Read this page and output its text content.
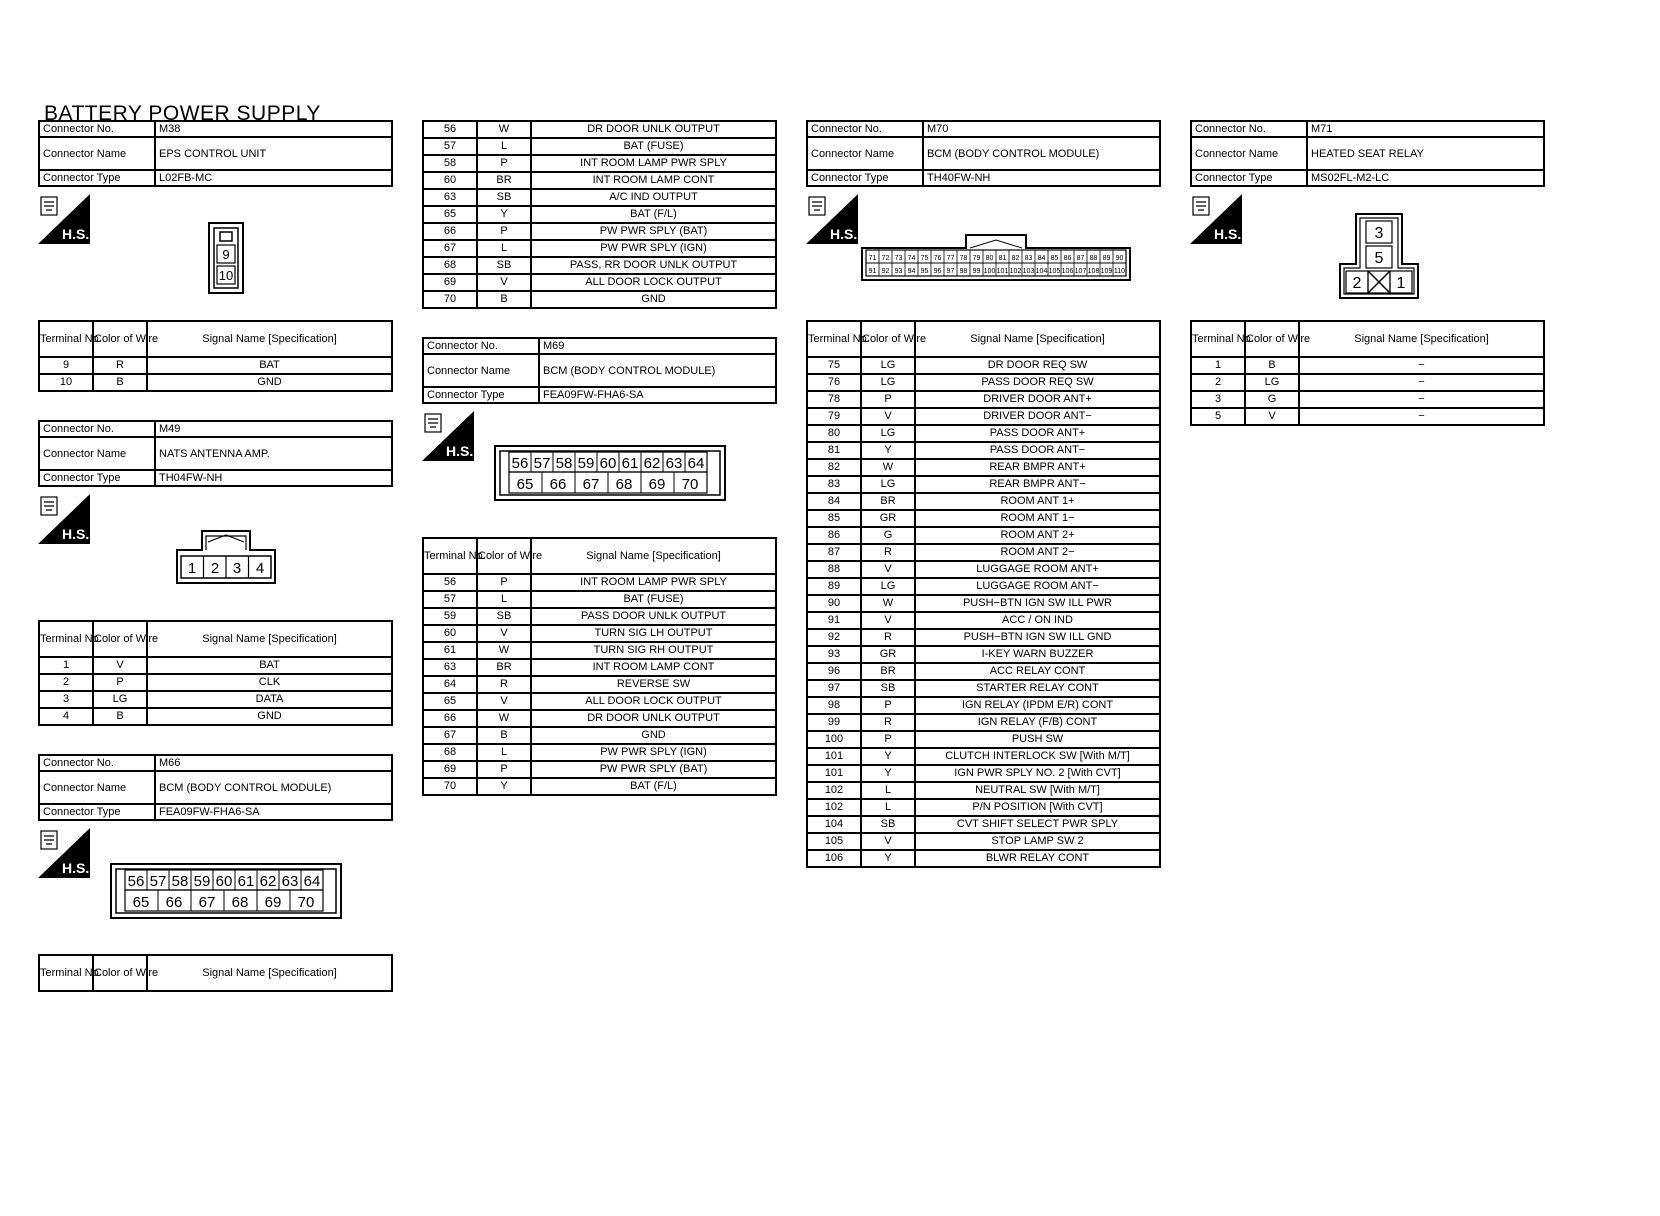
BATTERY POWER SUPPLY
Connector No.	M38
Connector Name	EPS CONTROL UNIT
Connector Type	L02FB-MC
H.S.
9
10
Terminal No.	Color of Wire	Signal Name [Specification]
9	R	BAT
10	B	GND
Connector No.	M49
Connector Name	NATS ANTENNA AMP.
Connector Type	TH04FW-NH
H.S.
1 2 3 4
Terminal No.	Color of Wire	Signal Name [Specification]
1	V	BAT
2	P	CLK
3	LG	DATA
4	B	GND
Connector No.	M66
Connector Name	BCM (BODY CONTROL MODULE)
Connector Type	FEA09FW-FHA6-SA
H.S.
56 57 58 59 60 61 62 63 64
65 66 67 68 69 70
Terminal No.	Color of Wire	Signal Name [Specification]
56	W	DR DOOR UNLK OUTPUT
57	L	BAT (FUSE)
58	P	INT ROOM LAMP PWR SPLY
60	BR	INT ROOM LAMP CONT
63	SB	A/C IND OUTPUT
65	Y	BAT (F/L)
66	P	PW PWR SPLY (BAT)
67	L	PW PWR SPLY (IGN)
68	SB	PASS, RR DOOR UNLK OUTPUT
69	V	ALL DOOR LOCK OUTPUT
70	B	GND
Connector No.	M69
Connector Name	BCM (BODY CONTROL MODULE)
Connector Type	FEA09FW-FHA6-SA
H.S.
56 57 58 59 60 61 62 63 64
65 66 67 68 69 70
Terminal No.	Color of Wire	Signal Name [Specification]
56	P	INT ROOM LAMP PWR SPLY
57	L	BAT (FUSE)
59	SB	PASS DOOR UNLK OUTPUT
60	V	TURN SIG LH OUTPUT
61	W	TURN SIG RH OUTPUT
63	BR	INT ROOM LAMP CONT
64	R	REVERSE SW
65	V	ALL DOOR LOCK OUTPUT
66	W	DR DOOR UNLK OUTPUT
67	B	GND
68	L	PW PWR SPLY (IGN)
69	P	PW PWR SPLY (BAT)
70	Y	BAT (F/L)
Connector No.	M70
Connector Name	BCM (BODY CONTROL MODULE)
Connector Type	TH40FW-NH
H.S.
71
91
72
92
73
93
74
94
75
95
76
96
77
97
78
98
79
99
80
100
81
101
82
102
83
103
84
104
85
105
86
106
87
107
88
108
89
109
90
110
Terminal No.	Color of Wire	Signal Name [Specification]
75	LG	DR DOOR REQ SW
76	LG	PASS DOOR REQ SW
78	P	DRIVER DOOR ANT+
79	V	DRIVER DOOR ANT−
80	LG	PASS DOOR ANT+
81	Y	PASS DOOR ANT−
82	W	REAR BMPR ANT+
83	LG	REAR BMPR ANT−
84	BR	ROOM ANT 1+
85	GR	ROOM ANT 1−
86	G	ROOM ANT 2+
87	R	ROOM ANT 2−
88	V	LUGGAGE ROOM ANT+
89	LG	LUGGAGE ROOM ANT−
90	W	PUSH−BTN IGN SW ILL PWR
91	V	ACC / ON IND
92	R	PUSH−BTN IGN SW ILL GND
93	GR	I-KEY WARN BUZZER
96	BR	ACC RELAY CONT
97	SB	STARTER RELAY CONT
98	P	IGN RELAY (IPDM E/R) CONT
99	R	IGN RELAY (F/B) CONT
100	P	PUSH SW
101	Y	CLUTCH INTERLOCK SW [With M/T]
101	Y	IGN PWR SPLY NO. 2 [With CVT]
102	L	NEUTRAL SW [With M/T]
102	L	P/N POSITION [With CVT]
104	SB	CVT SHIFT SELECT PWR SPLY
105	V	STOP LAMP SW 2
106	Y	BLWR RELAY CONT
Connector No.	M71
Connector Name	HEATED SEAT RELAY
Connector Type	MS02FL-M2-LC
H.S.	3
5
2 1
Terminal No.	Color of Wire	Signal Name [Specification]
1	B	−
2	LG	−
3	G	−
5	V	−
